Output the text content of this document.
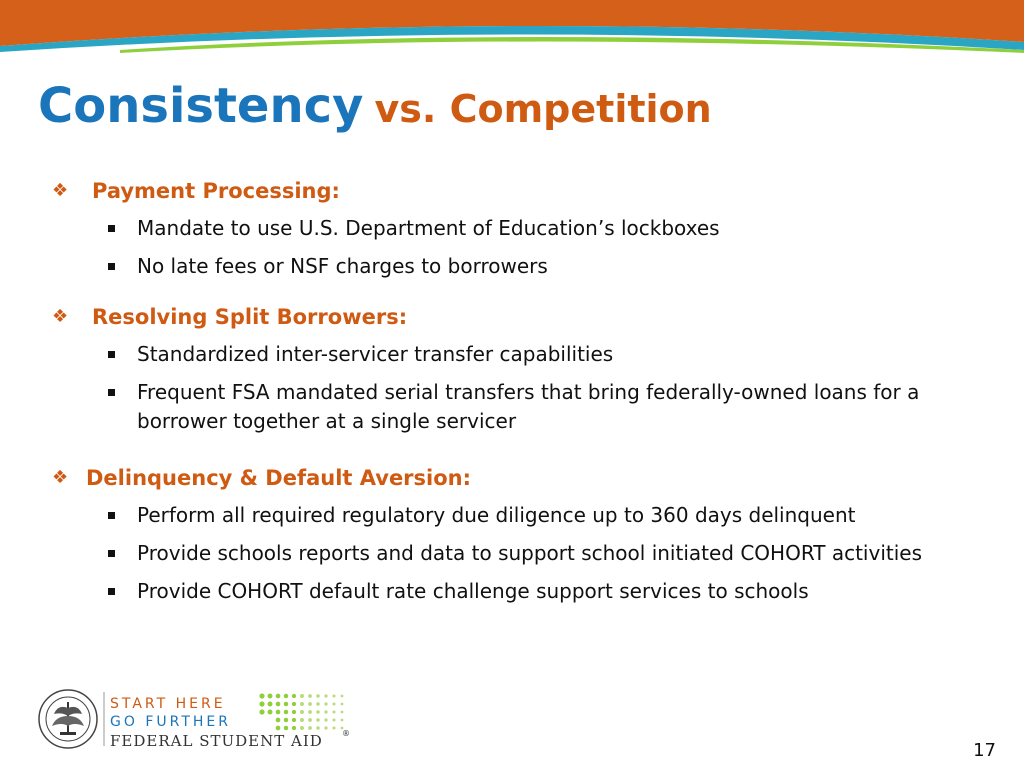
Consistency vs. Competition
❖ Payment Processing:
Mandate to use U.S. Department of Education’s lockboxes
No late fees or NSF charges to borrowers
❖ Resolving Split Borrowers:
Standardized inter-servicer transfer capabilities
Frequent FSA mandated serial transfers that bring federally-owned loans for a borrower together at a single servicer
❖ Delinquency & Default Aversion:
Perform all required regulatory due diligence up to 360 days delinquent
Provide schools reports and data to support school initiated COHORT activities
Provide COHORT default rate challenge support services to schools
START HERE
GO FURTHER
FEDERAL STUDENT AID ®
17
